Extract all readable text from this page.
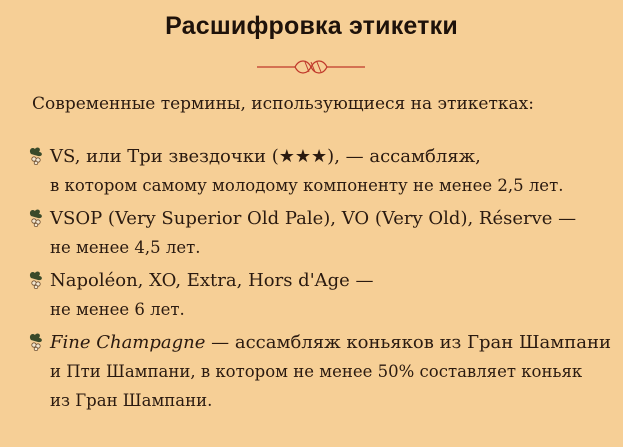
Расшифровка этикетки
Современные термины, использующиеся на этикетках:
VS, или Три звездочки (★★★), — ассамбляж,
в котором самому молодому компоненту не менее 2,5 лет.
VSOP (Very Superior Old Pale), VO (Very Old), Réserve —
не менее 4,5 лет.
Napoléon, XO, Extra, Hors d'Age —
не менее 6 лет.
Fine Champagne — ассамбляж коньяков из Гран Шампани
и Пти Шампани, в котором не менее 50% составляет коньяк
из Гран Шампани.
